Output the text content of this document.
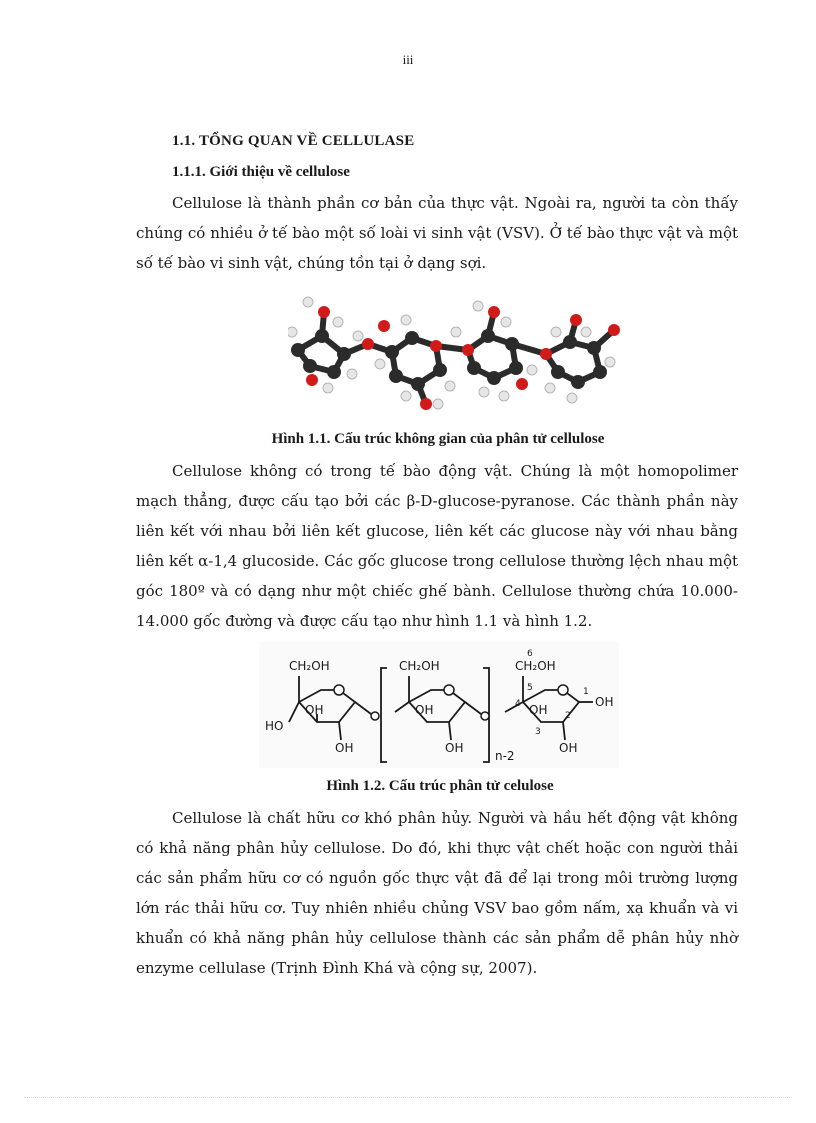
iii
1.1. TỔNG QUAN VỀ CELLULASE
1.1.1. Giới thiệu về cellulose

Cellulose là thành phần cơ bản của thực vật. Ngoài ra, người ta còn thấy chúng có nhiều ở tế bào một số loài vi sinh vật (VSV). Ở tế bào thực vật và một số tế bào vi sinh vật, chúng tồn tại ở dạng sợi.

Hình 1.1. Cấu trúc không gian của phân tử cellulose

Cellulose không có trong tế bào động vật. Chúng là một homopolimer mạch thẳng, được cấu tạo bởi các β-D-glucose-pyranose. Các thành phần này liên kết với nhau bởi liên kết glucose, liên kết các glucose này với nhau bằng liên kết α-1,4 glucoside. Các gốc glucose trong cellulose thường lệch nhau một góc 180º và có dạng như một chiếc ghế bành. Cellulose thường chứa 10.000-14.000 gốc đường và được cấu tạo như hình 1.1 và hình 1.2.

CH₂OH	CH₂OH	CH₂OH
HO
OH
OH
OH
OH
OH
OH
OH
n-2
6
5
4
3
2
1
Hình 1.2. Cấu trúc phân tử celulose

Cellulose là chất hữu cơ khó phân hủy. Người và hầu hết động vật không có khả năng phân hủy cellulose. Do đó, khi thực vật chết hoặc con người thải các sản phẩm hữu cơ có nguồn gốc thực vật đã để lại trong môi trường lượng lớn rác thải hữu cơ. Tuy nhiên nhiều chủng VSV bao gồm nấm, xạ khuẩn và vi khuẩn có khả năng phân hủy cellulose thành các sản phẩm dễ phân hủy nhờ enzyme cellulase (Trịnh Đình Khá và cộng sự, 2007).
